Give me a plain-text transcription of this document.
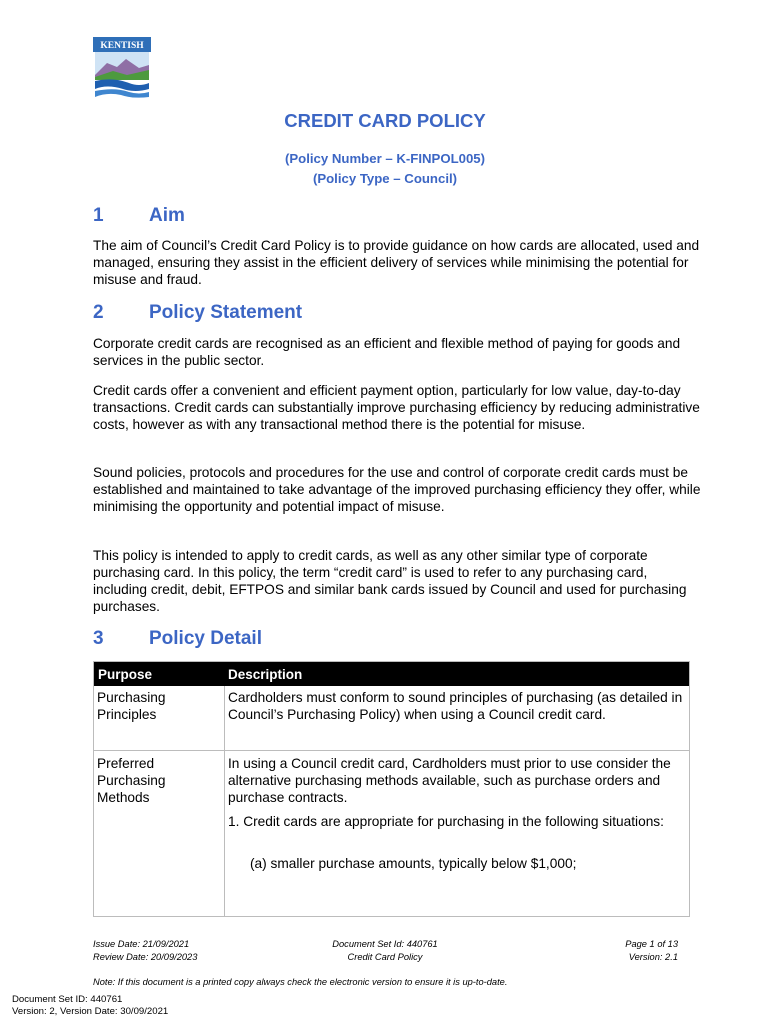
KENTISH
CREDIT CARD POLICY
(Policy Number – K-FINPOL005)
(Policy Type – Council)
1 Aim
The aim of Council’s Credit Card Policy is to provide guidance on how cards are allocated, used and managed, ensuring they assist in the efficient delivery of services while minimising the potential for misuse and fraud.
2 Policy Statement
Corporate credit cards are recognised as an efficient and flexible method of paying for goods and services in the public sector.
Credit cards offer a convenient and efficient payment option, particularly for low value, day-to-day transactions. Credit cards can substantially improve purchasing efficiency by reducing administrative costs, however as with any transactional method there is the potential for misuse.
Sound policies, protocols and procedures for the use and control of corporate credit cards must be established and maintained to take advantage of the improved purchasing efficiency they offer, while minimising the opportunity and potential impact of misuse.
This policy is intended to apply to credit cards, as well as any other similar type of corporate purchasing card. In this policy, the term “credit card” is used to refer to any purchasing card, including credit, debit, EFTPOS and similar bank cards issued by Council and used for purchasing purchases.
3 Policy Detail
Purpose	Description
Purchasing Principles
Cardholders must conform to sound principles of purchasing (as detailed in Council’s Purchasing Policy) when using a Council credit card.
Preferred Purchasing Methods
In using a Council credit card, Cardholders must prior to use consider the alternative purchasing methods available, such as purchase orders and purchase contracts.
1. Credit cards are appropriate for purchasing in the following situations:
(a) smaller purchase amounts, typically below $1,000;
Issue Date: 21/09/2021
Review Date: 20/09/2023
Document Set Id: 440761
Credit Card Policy
Page 1 of 13
Version: 2.1
Note: If this document is a printed copy always check the electronic version to ensure it is up-to-date.
Document Set ID: 440761
Version: 2, Version Date: 30/09/2021
